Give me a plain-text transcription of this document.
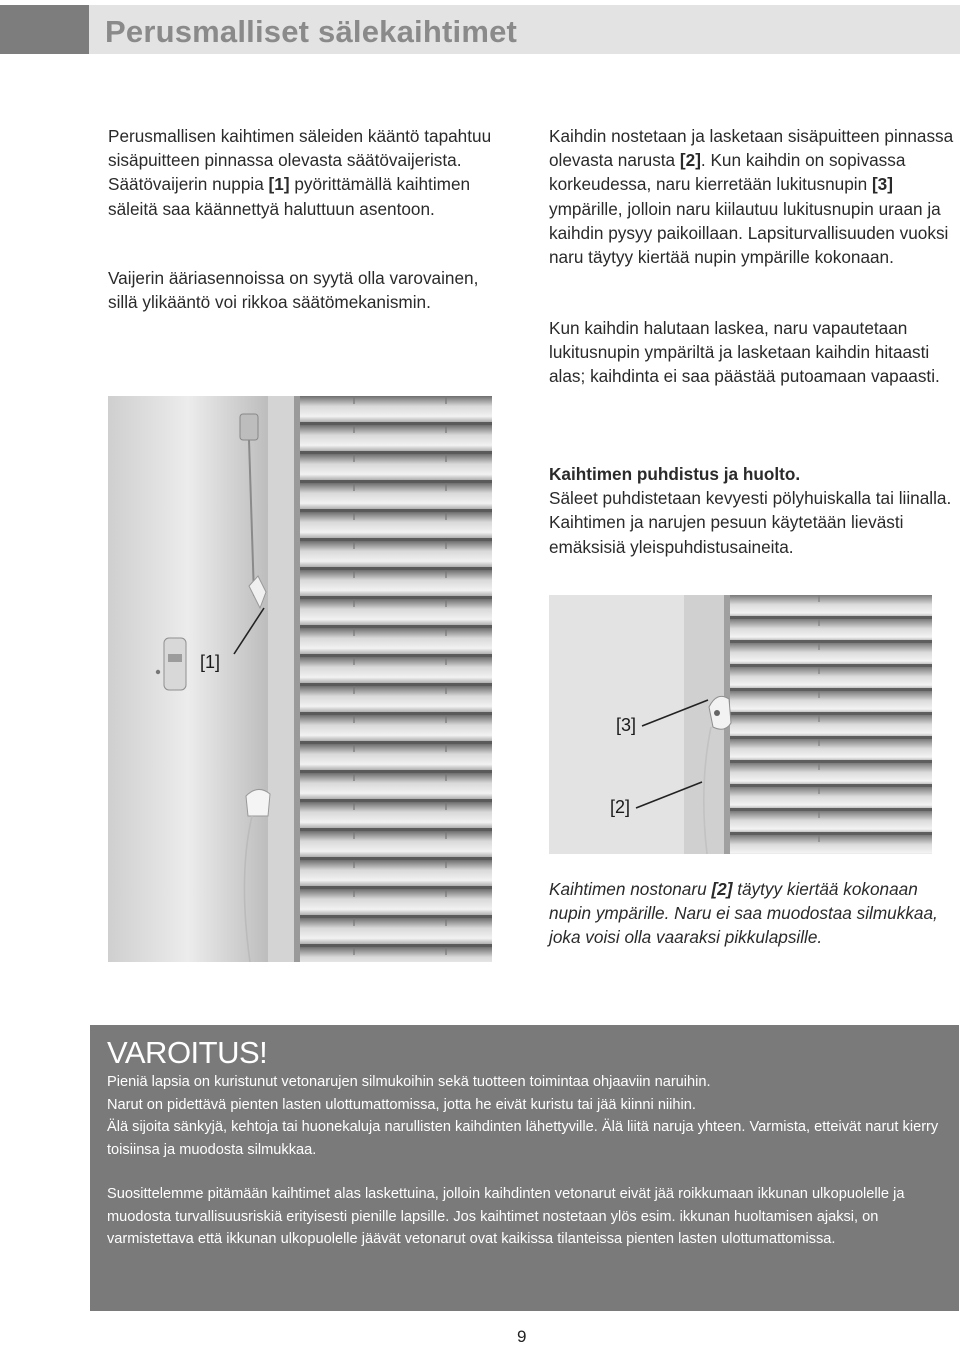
Perusmalliset sälekaihtimet

Perusmallisen kaihtimen säleiden kääntö tapahtuu sisäpuitteen pinnassa olevasta säätövaijerista. Säätövaijerin nuppia [1] pyörittämällä kaihtimen säleitä saa käännettyä haluttuun asentoon.

Vaijerin ääriasennoissa on syytä olla varovainen, sillä ylikääntö voi rikkoa säätömekanismin.

Kaihdin nostetaan ja lasketaan sisäpuitteen pinnassa olevasta narusta [2]. Kun kaihdin on sopivassa korkeudessa, naru kierretään lukitusnupin [3] ympärille, jolloin naru kiilautuu lukitusnupin uraan ja kaihdin pysyy paikoillaan. Lapsiturvallisuuden vuoksi naru täytyy kiertää nupin ympärille kokonaan.

Kun kaihdin halutaan laskea, naru vapautetaan lukitusnupin ympäriltä ja lasketaan kaihdin hitaasti alas; kaihdinta ei saa päästää putoamaan vapaasti.

Kaihtimen puhdistus ja huolto.
Säleet puhdistetaan kevyesti pölyhuiskalla tai liinalla. Kaihtimen ja narujen pesuun käytetään lievästi emäksisiä yleispuhdistusaineita.

[1]
[3]
[2]

Kaihtimen nostonaru [2] täytyy kiertää kokonaan nupin ympärille. Naru ei saa muodostaa silmukkaa, joka voisi olla vaaraksi pikkulapsille.

VAROITUS!

Pieniä lapsia on kuristunut vetonarujen silmukoihin sekä tuotteen toimintaa ohjaaviin naruihin.
Narut on pidettävä pienten lasten ulottumattomissa, jotta he eivät kuristu tai jää kiinni niihin.
Älä sijoita sänkyjä, kehtoja tai huonekaluja narullisten kaihdinten lähettyville. Älä liitä naruja yhteen. Varmista, etteivät narut kierry toisiinsa ja muodosta silmukkaa.

Suosittelemme pitämään kaihtimet alas laskettuina, jolloin kaihdinten vetonarut eivät jää roikkumaan ikkunan ulkopuolelle ja muodosta turvallisuusriskiä erityisesti pienille lapsille. Jos kaihtimet nostetaan ylös esim. ikkunan huoltamisen ajaksi, on varmistettava että ikkunan ulkopuolelle jäävät vetonarut ovat kaikissa tilanteissa pienten lasten ulottumattomissa.

9
